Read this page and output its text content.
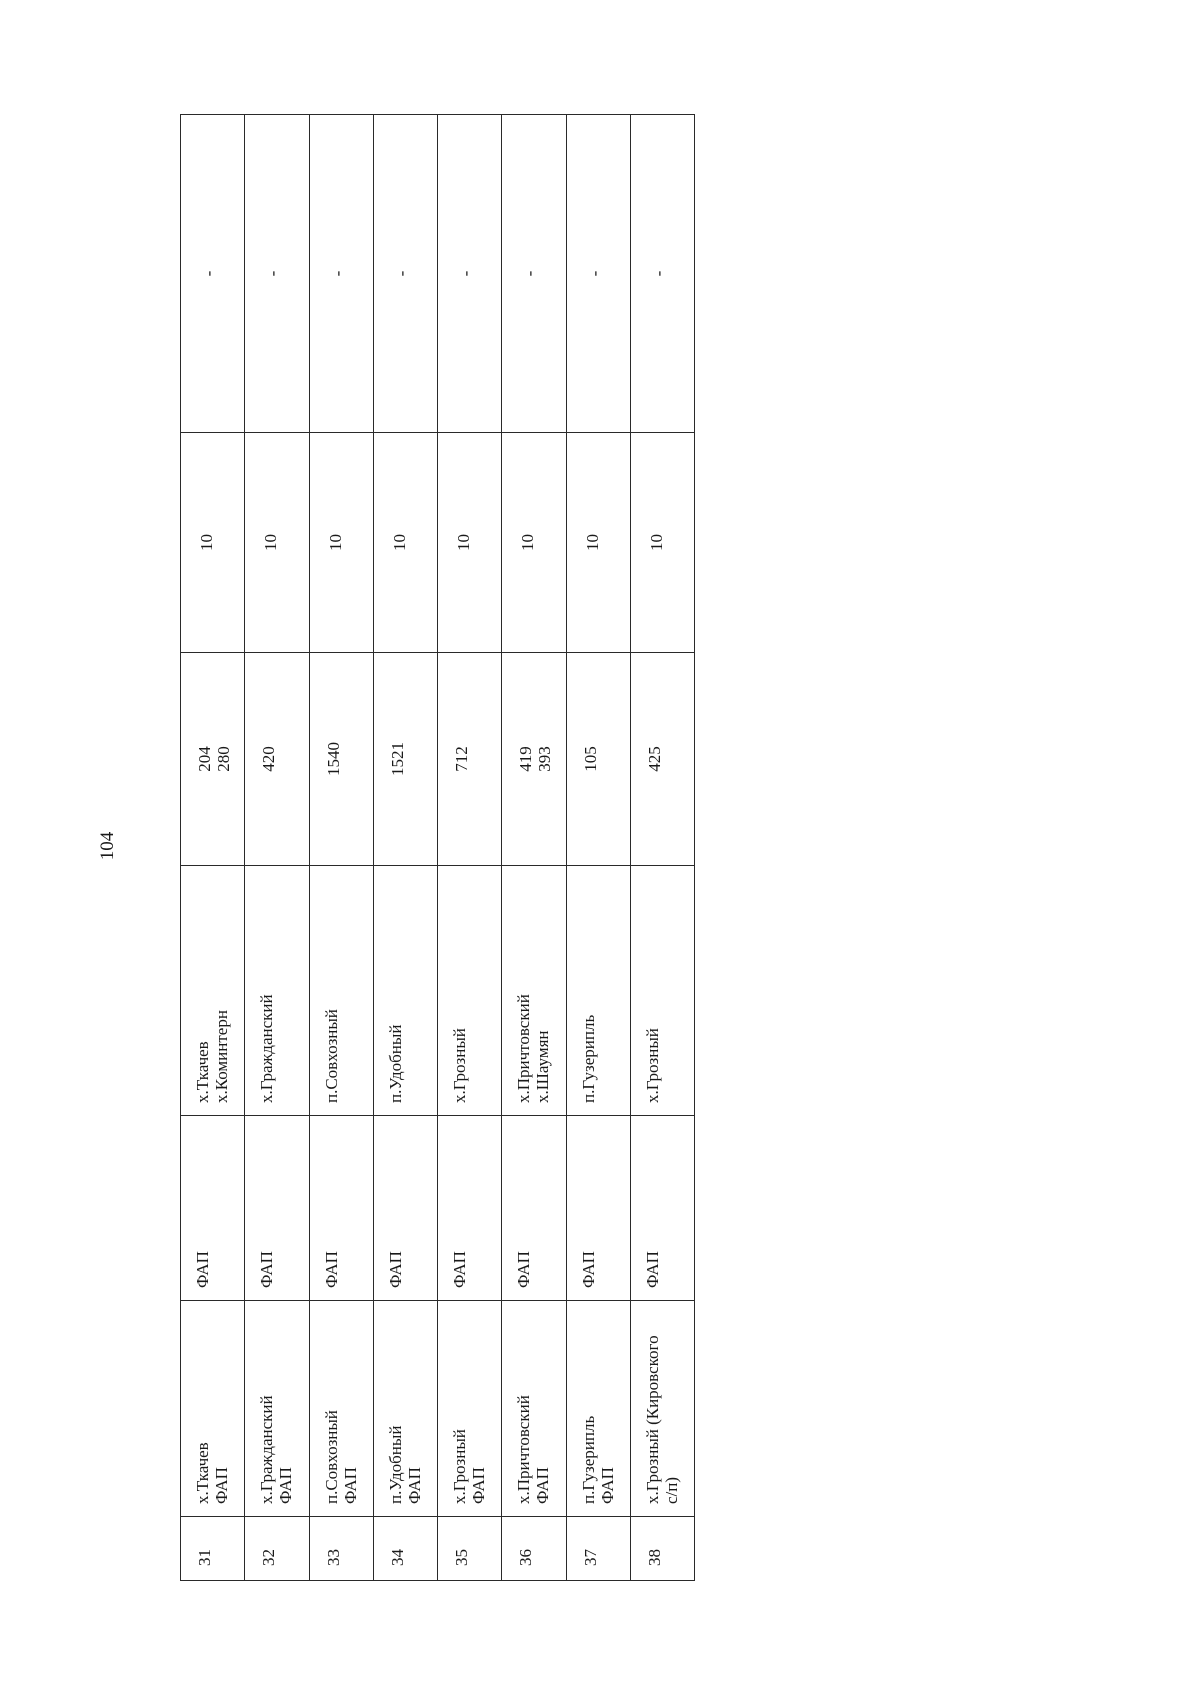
104
31	х.Ткачев ФАП	ФАП	х.Ткачев х.Коминтерн	204 280	10	-

32	х.Гражданский ФАП	ФАП	х.Гражданский	420	10	-

33	п.Совхозный ФАП	ФАП	п.Совхозный	1540	10	-

34	п.Удобный ФАП	ФАП	п.Удобный	1521	10	-

35	х.Грозный ФАП	ФАП	х.Грозный	712	10	-

36	х.Причтовский ФАП	ФАП	х.Причтовский х.Шаумян	419 393	10	-

37	п.Гузерипль ФАП	ФАП	п.Гузерипль	105	10	-

38	х.Грозный (Кировского с/п)	ФАП	х.Грозный	425	10	-
